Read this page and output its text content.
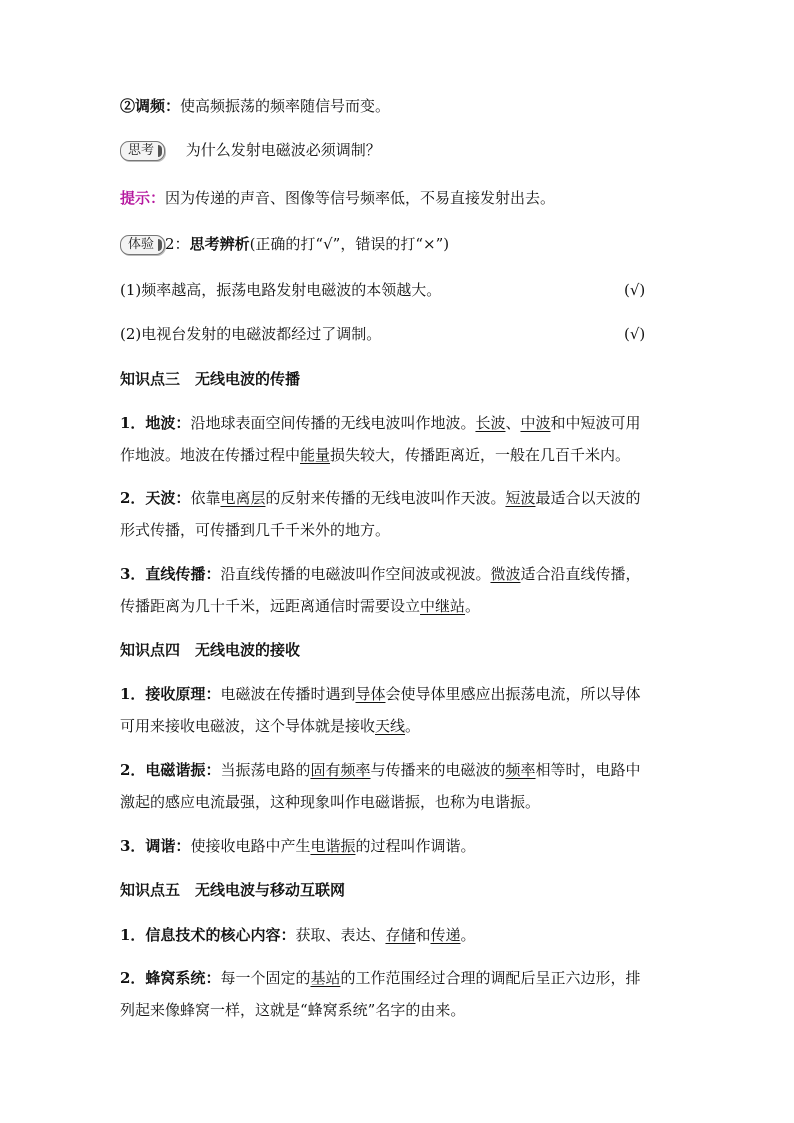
②调频：使高频振荡的频率随信号而变。
思考 为什么发射电磁波必须调制？
提示：因为传递的声音、图像等信号频率低，不易直接发射出去。
体验 2：思考辨析(正确的打“√”，错误的打“×”)
(1)频率越高，振荡电路发射电磁波的本领越大。	(√)
(2)电视台发射的电磁波都经过了调制。	(√)
知识点三　无线电波的传播
1．地波：沿地球表面空间传播的无线电波叫作地波。长波、中波和中短波可用
作地波。地波在传播过程中能量损失较大，传播距离近，一般在几百千米内。
2．天波：依靠电离层的反射来传播的无线电波叫作天波。短波最适合以天波的
形式传播，可传播到几千千米外的地方。
3．直线传播：沿直线传播的电磁波叫作空间波或视波。微波适合沿直线传播，
传播距离为几十千米，远距离通信时需要设立中继站。
知识点四　无线电波的接收
1．接收原理：电磁波在传播时遇到导体会使导体里感应出振荡电流，所以导体
可用来接收电磁波，这个导体就是接收天线。
2．电磁谐振：当振荡电路的固有频率与传播来的电磁波的频率相等时，电路中
激起的感应电流最强，这种现象叫作电磁谐振，也称为电谐振。
3．调谐：使接收电路中产生电谐振的过程叫作调谐。
知识点五　无线电波与移动互联网
1．信息技术的核心内容：获取、表达、存储和传递。
2．蜂窝系统：每一个固定的基站的工作范围经过合理的调配后呈正六边形，排
列起来像蜂窝一样，这就是“蜂窝系统”名字的由来。
